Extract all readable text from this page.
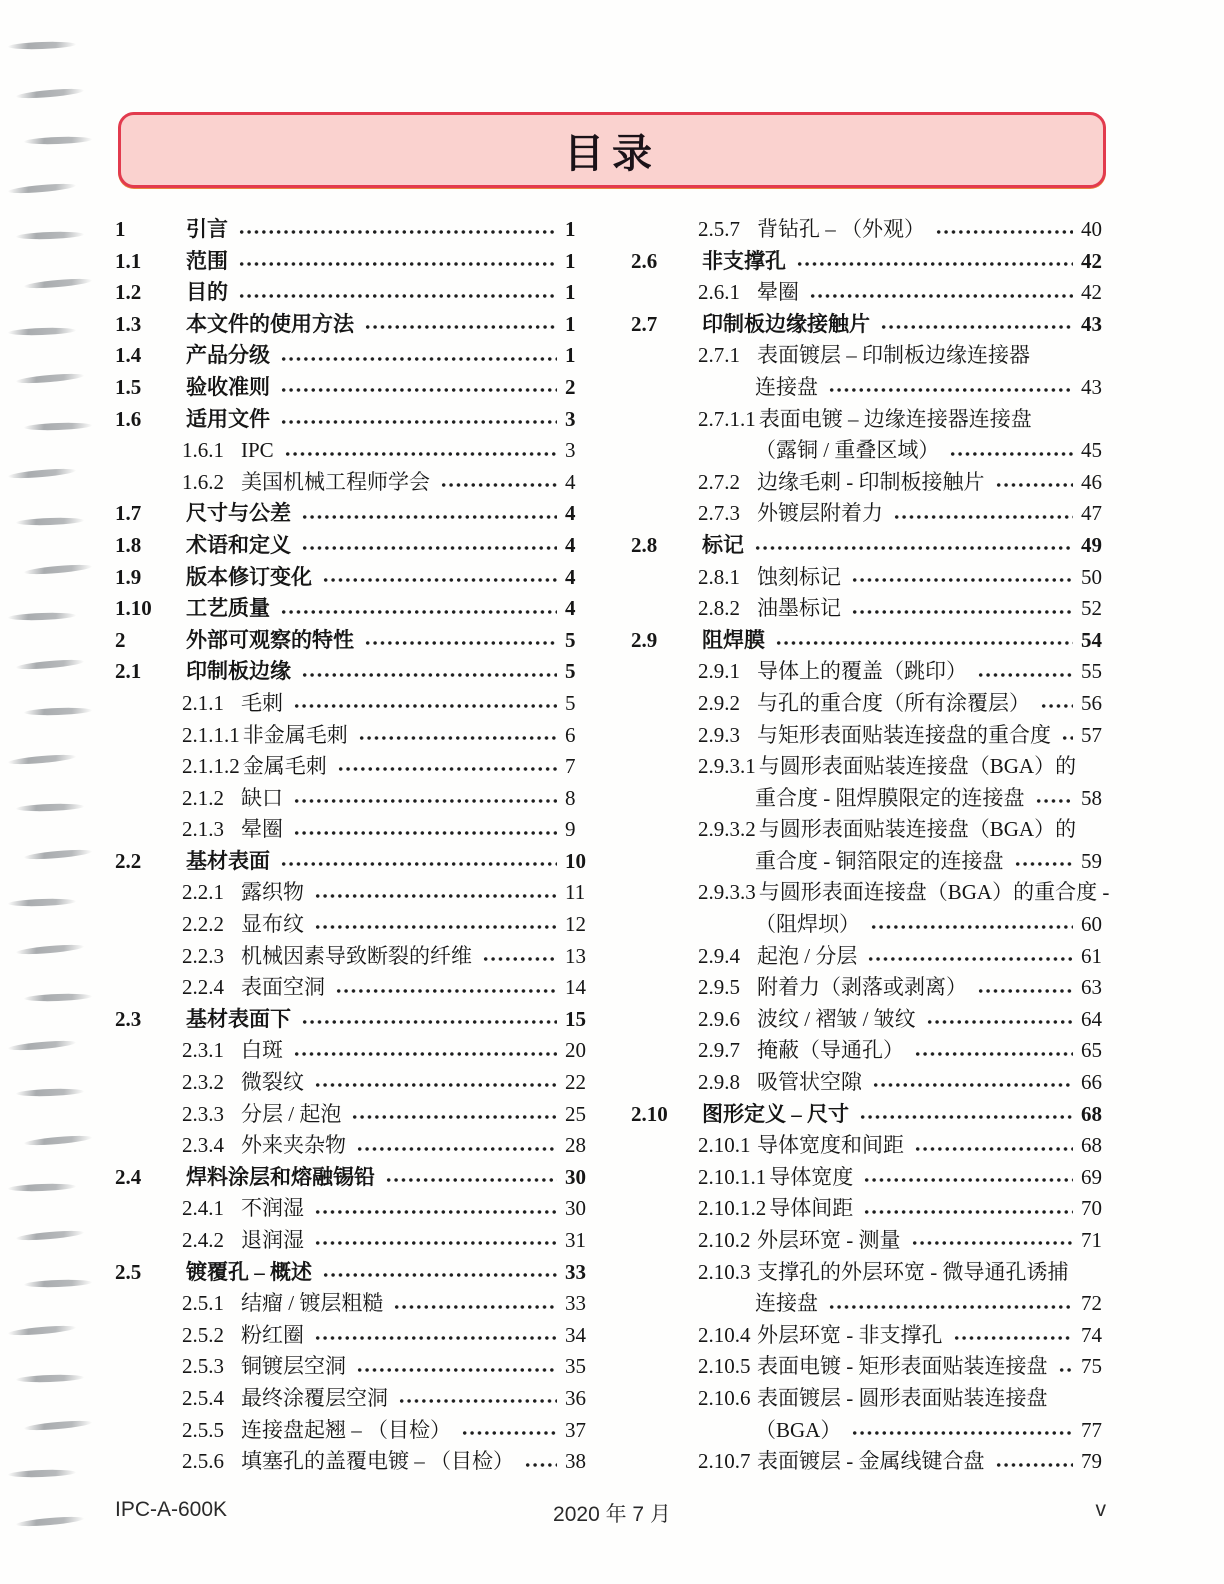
目录
1	引言	1
1.1	范围	1
1.2	目的	1
1.3	本文件的使用方法	1
1.4	产品分级	1
1.5	验收准则	2
1.6	适用文件	3
1.6.1 IPC	3
1.6.2 美国机械工程师学会	4
1.7	尺寸与公差	4
1.8	术语和定义	4
1.9	版本修订变化	4
1.10	工艺质量	4
2	外部可观察的特性	5
2.1	印制板边缘	5
2.1.1 毛刺	5
2.1.1.1 非金属毛刺	6
2.1.1.2 金属毛刺	7
2.1.2 缺口	8
2.1.3 晕圈	9
2.2	基材表面	10
2.2.1 露织物	11
2.2.2 显布纹	12
2.2.3 机械因素导致断裂的纤维	13
2.2.4 表面空洞	14
2.3	基材表面下	15
2.3.1 白斑	20
2.3.2 微裂纹	22
2.3.3 分层 / 起泡	25
2.3.4 外来夹杂物	28
2.4	焊料涂层和熔融锡铅	30
2.4.1 不润湿	30
2.4.2 退润湿	31
2.5	镀覆孔 – 概述	33
2.5.1 结瘤 / 镀层粗糙	33
2.5.2 粉红圈	34
2.5.3 铜镀层空洞	35
2.5.4 最终涂覆层空洞	36
2.5.5 连接盘起翘 – （目检）	37
2.5.6 填塞孔的盖覆电镀 – （目检） 38
2.5.7 背钻孔 – （外观）	40
2.6	非支撑孔	42
2.6.1 晕圈	42
2.7	印制板边缘接触片	43
2.7.1 表面镀层 – 印制板边缘连接器
连接盘	43
2.7.1.1 表面电镀 – 边缘连接器连接盘
（露铜 / 重叠区域）	45
2.7.2 边缘毛刺 - 印制板接触片	46
2.7.3 外镀层附着力	47
2.8	标记	49
2.8.1 蚀刻标记	50
2.8.2 油墨标记	52
2.9	阻焊膜	54
2.9.1 导体上的覆盖（跳印）	55
2.9.2 与孔的重合度（所有涂覆层） 56
2.9.3 与矩形表面贴装连接盘的重合度 57
2.9.3.1 与圆形表面贴装连接盘（BGA）的
重合度 - 阻焊膜限定的连接盘	58
2.9.3.2 与圆形表面贴装连接盘（BGA）的
重合度 - 铜箔限定的连接盘	59
2.9.3.3 与圆形表面连接盘（BGA）的重合度 -
（阻焊坝）	60
2.9.4 起泡 / 分层	61
2.9.5 附着力（剥落或剥离）	63
2.9.6 波纹 / 褶皱 / 皱纹	64
2.9.7 掩蔽（导通孔）	65
2.9.8 吸管状空隙	66
2.10	图形定义 – 尺寸	68
2.10.1 导体宽度和间距	68
2.10.1.1 导体宽度	69
2.10.1.2 导体间距	70
2.10.2 外层环宽 - 测量	71
2.10.3 支撑孔的外层环宽 - 微导通孔诱捕
连接盘	72
2.10.4 外层环宽 - 非支撑孔	74
2.10.5 表面电镀 - 矩形表面贴装连接盘 75
2.10.6 表面镀层 - 圆形表面贴装连接盘
（BGA）	77
2.10.7 表面镀层 - 金属线键合盘	79
IPC-A-600K	2020 年 7 月	v
